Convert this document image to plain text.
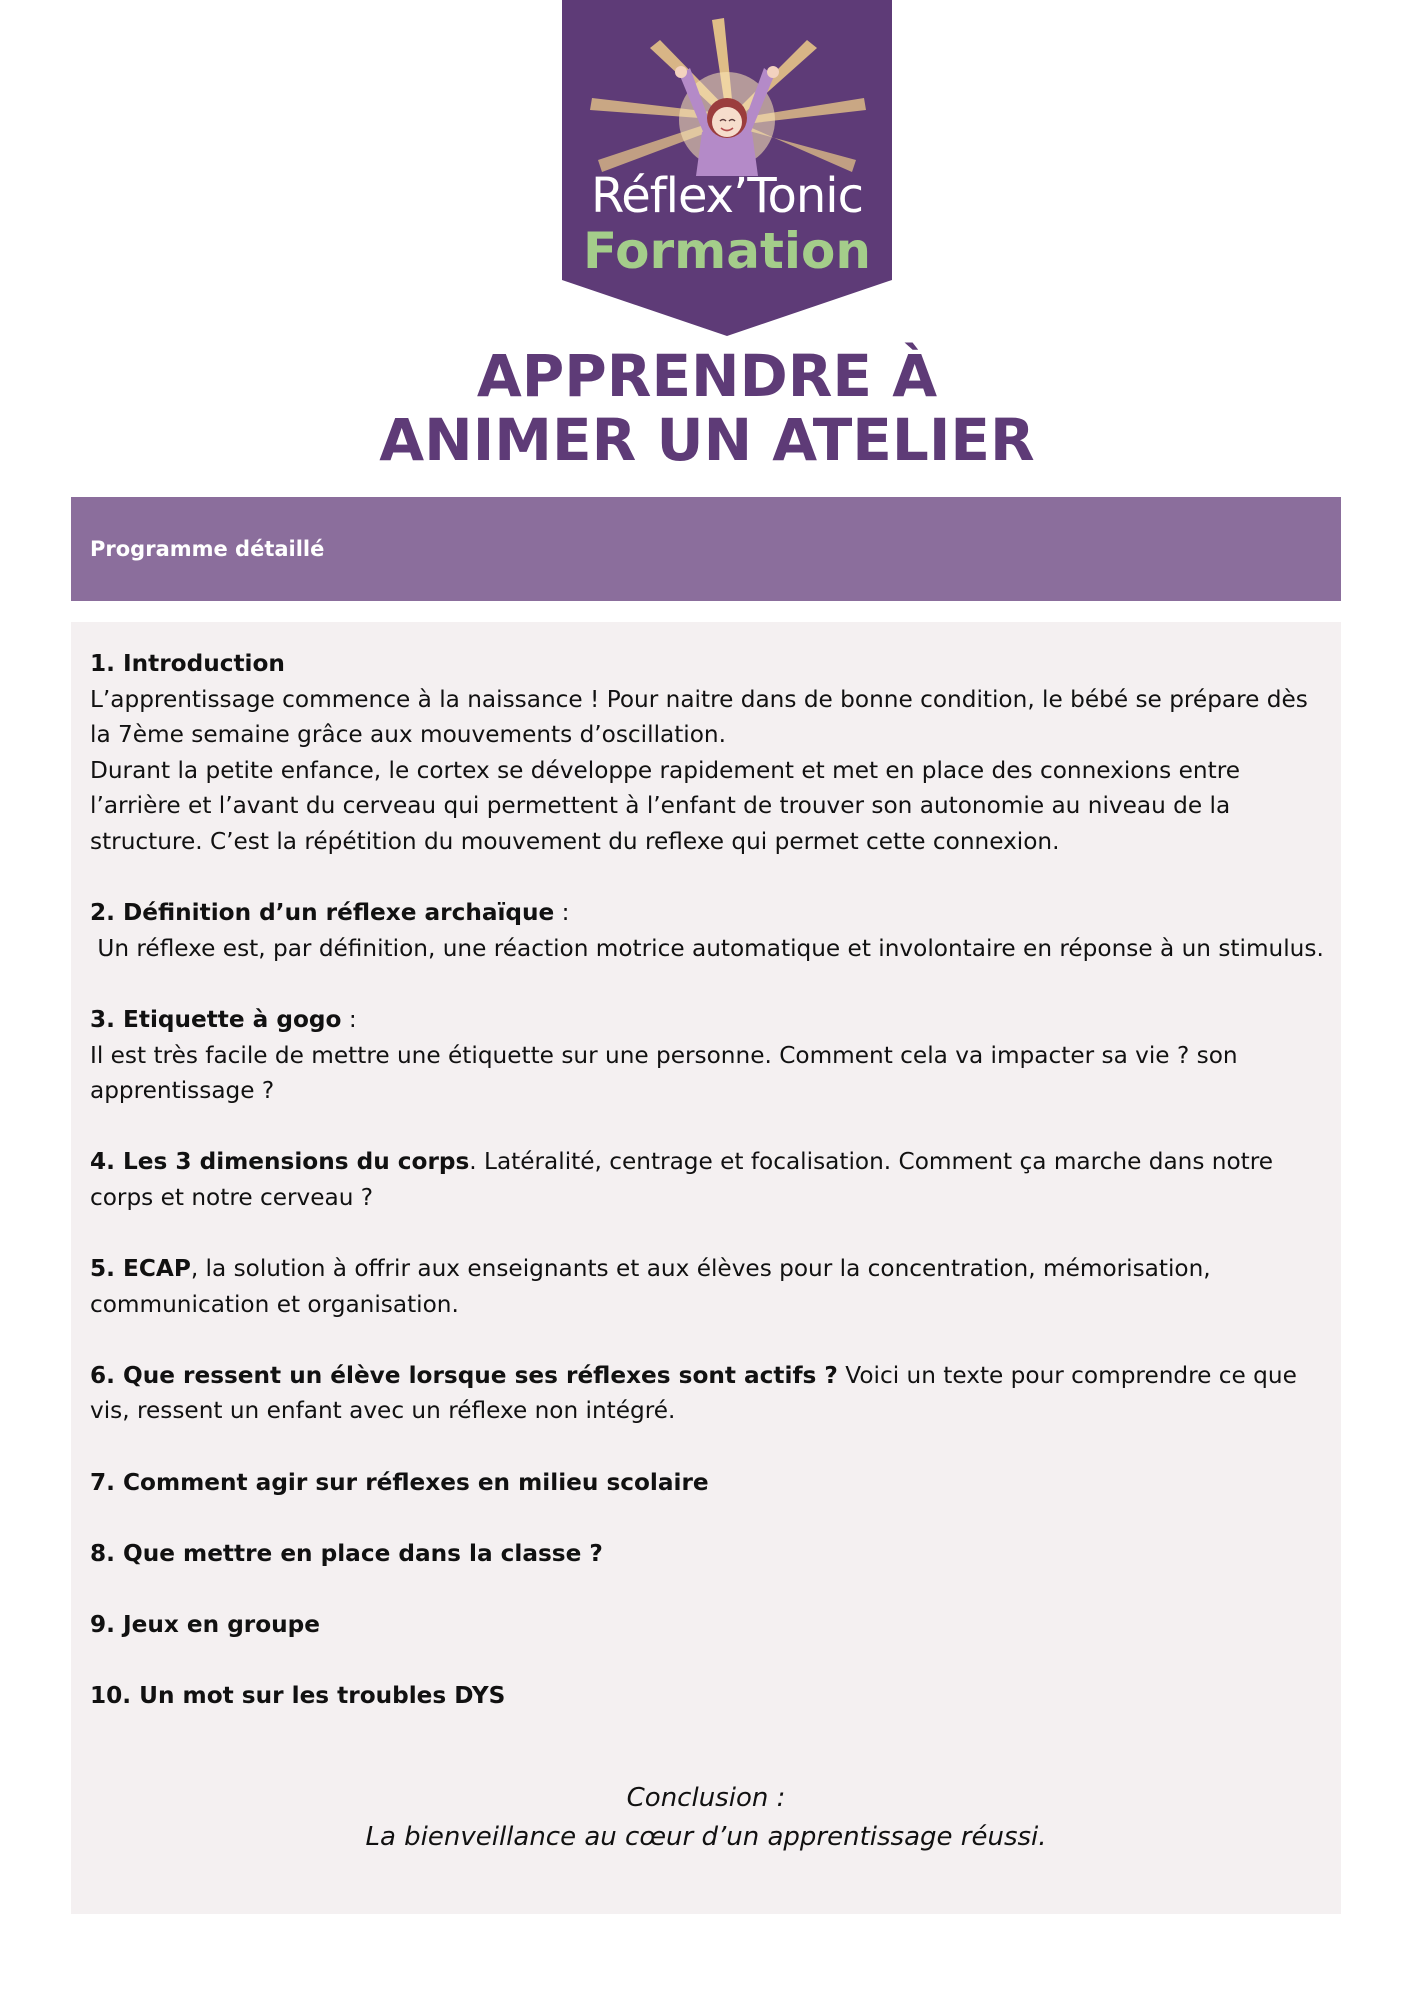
Réflex’Tonic
Formation
APPRENDRE À
ANIMER UN ATELIER
Programme détaillé

1. Introduction

L’apprentissage commence à la naissance ! Pour naitre dans de bonne condition, le bébé se prépare dès la 7ème semaine grâce aux mouvements d’oscillation.

Durant la petite enfance, le cortex se développe rapidement et met en place des connexions entre l’arrière et l’avant du cerveau qui permettent à l’enfant de trouver son autonomie au niveau de la structure. C’est la répétition du mouvement du reflexe qui permet cette connexion.

2. Définition d’un réflexe archaïque :

Un réflexe est, par définition, une réaction motrice automatique et involontaire en réponse à un stimulus.

3. Etiquette à gogo :

Il est très facile de mettre une étiquette sur une personne. Comment cela va impacter sa vie ? son apprentissage ?

4. Les 3 dimensions du corps. Latéralité, centrage et focalisation. Comment ça marche dans notre corps et notre cerveau ?

5. ECAP, la solution à offrir aux enseignants et aux élèves pour la concentration, mémorisation, communication et organisation.

6. Que ressent un élève lorsque ses réflexes sont actifs ? Voici un texte pour comprendre ce que vis, ressent un enfant avec un réflexe non intégré.

7. Comment agir sur réflexes en milieu scolaire

8. Que mettre en place dans la classe ?

9. Jeux en groupe

10. Un mot sur les troubles DYS

Conclusion :
La bienveillance au cœur d’un apprentissage réussi.
